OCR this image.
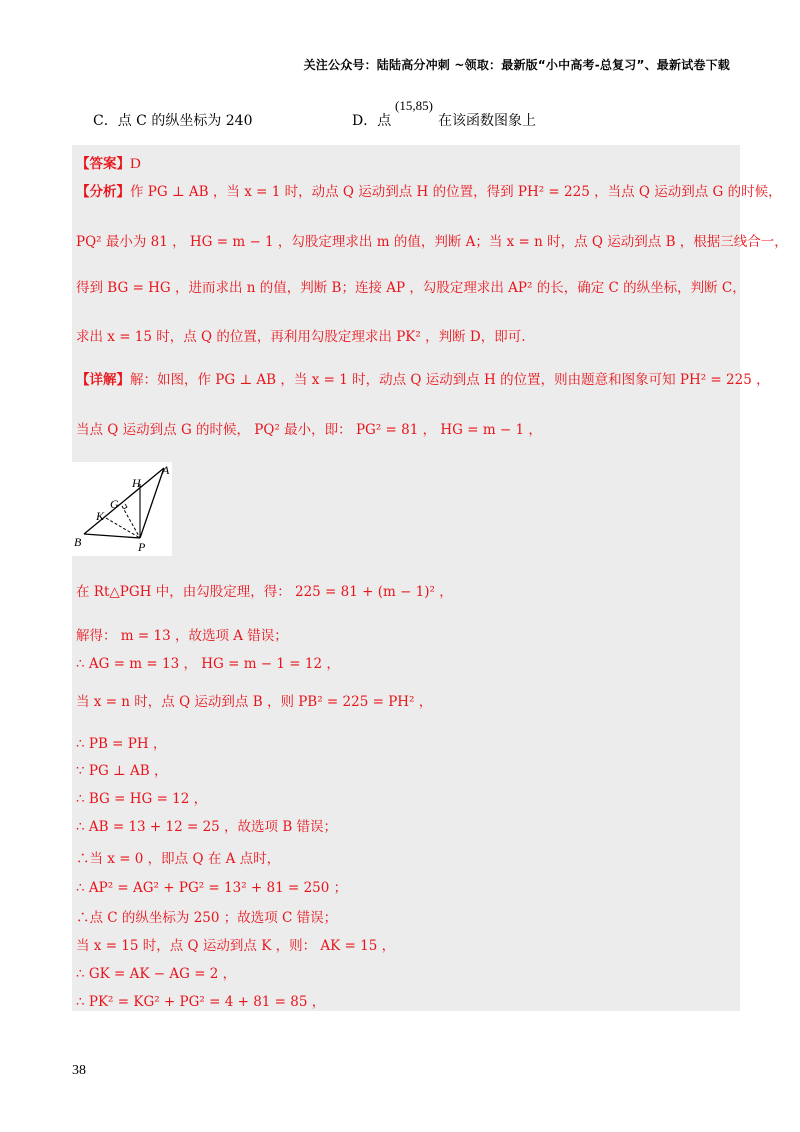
关注公众号：陆陆高分冲刺 ~领取：最新版“小中高考-总复习”、最新试卷下载
C．点 C 的纵坐标为 240	D．点
(15,85)
在该函数图象上
【答案】D
【分析】作 PG ⊥ AB ，当 x = 1 时，动点 Q 运动到点 H 的位置，得到 PH² = 225 ，当点 Q 运动到点 G 的时候，
PQ² 最小为 81 ， HG = m − 1 ，勾股定理求出 m 的值，判断 A；当 x = n 时，点 Q 运动到点 B ，根据三线合一，
得到 BG = HG ，进而求出 n 的值，判断 B；连接 AP ，勾股定理求出 AP² 的长，确定 C 的纵坐标，判断 C，
求出 x = 15 时，点 Q 的位置，再利用勾股定理求出 PK² ，判断 D，即可.
【详解】解：如图，作 PG ⊥ AB ，当 x = 1 时，动点 Q 运动到点 H 的位置，则由题意和图象可知 PH² = 225 ，
当点 Q 运动到点 G 的时候， PQ² 最小，即： PG² = 81 ， HG = m − 1 ，
A
H
G
K
B	P
在 Rt△PGH 中，由勾股定理，得： 225 = 81 + (m − 1)² ，
解得： m = 13 ，故选项 A 错误；
∴ AG = m = 13 ， HG = m − 1 = 12 ，
当 x = n 时，点 Q 运动到点 B ，则 PB² = 225 = PH² ，
∴ PB = PH ，
∵ PG ⊥ AB ，
∴ BG = HG = 12 ，
∴ AB = 13 + 12 = 25 ，故选项 B 错误；
∴当 x = 0 ，即点 Q 在 A 点时，
∴ AP² = AG² + PG² = 13² + 81 = 250 ；
∴点 C 的纵坐标为 250 ；故选项 C 错误；
当 x = 15 时，点 Q 运动到点 K ，则： AK = 15 ，
∴ GK = AK − AG = 2 ，
∴ PK² = KG² + PG² = 4 + 81 = 85 ，
38
